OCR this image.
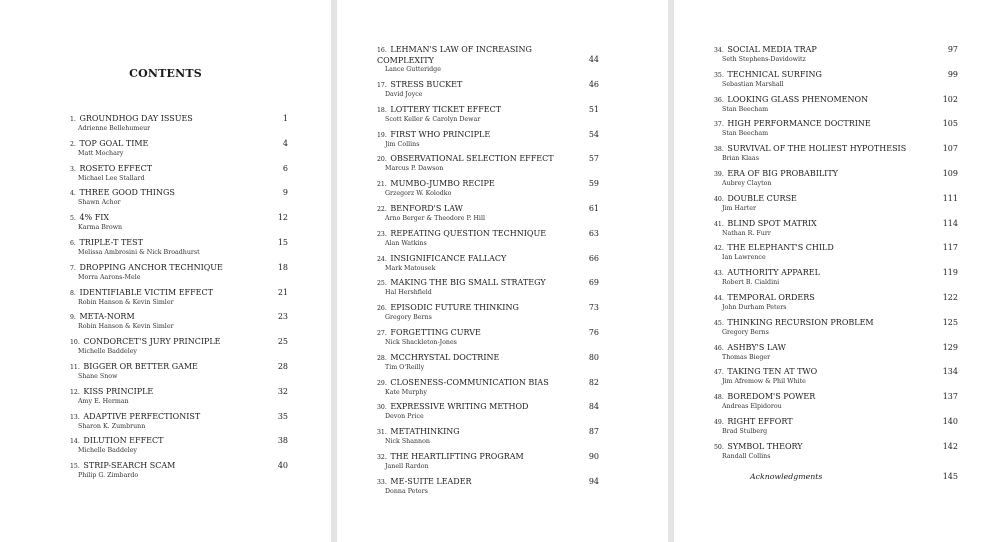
CONTENTS
1. GROUNDHOG DAY ISSUES
Adrienne Bellehumeur
1
2. TOP GOAL TIME
Matt Mochary
4
3. ROSETO EFFECT
Michael Lee Stallard
6
4. THREE GOOD THINGS
Shawn Achor
9
5. 4% FIX
Karma Brown
12
6. TRIPLE-T TEST
Melissa Ambrosini & Nick Broadhurst
15
7. DROPPING ANCHOR TECHNIQUE
Morra Aarons-Mele
18
8. IDENTIFIABLE VICTIM EFFECT
Robin Hanson & Kevin Simler
21
9. META-NORM
Robin Hanson & Kevin Simler
23
10. CONDORCET'S JURY PRINCIPLE
Michelle Baddeley
25
11. BIGGER OR BETTER GAME
Shane Snow
28
12. KISS PRINCIPLE
Amy E. Herman
32
13. ADAPTIVE PERFECTIONIST
Sharon K. Zumbrunn
35
14. DILUTION EFFECT
Michelle Baddeley
38
15. STRIP-SEARCH SCAM
Philip G. Zimbardo
40
16. LEHMAN'S LAW OF INCREASING COMPLEXITY
Lance Gutteridge
44
17. STRESS BUCKET
David Joyce
46
18. LOTTERY TICKET EFFECT
Scott Keller & Carolyn Dewar
51
19. FIRST WHO PRINCIPLE
Jim Collins
54
20. OBSERVATIONAL SELECTION EFFECT
Marcus P. Dawson
57
21. MUMBO-JUMBO RECIPE
Grzegorz W. Kolodko
59
22. BENFORD'S LAW
Arno Berger & Theodore P. Hill
61
23. REPEATING QUESTION TECHNIQUE
Alan Watkins
63
24. INSIGNIFICANCE FALLACY
Mark Matousek
66
25. MAKING THE BIG SMALL STRATEGY
Hal Hershfield
69
26. EPISODIC FUTURE THINKING
Gregory Berns
73
27. FORGETTING CURVE
Nick Shackleton-Jones
76
28. MCCHRYSTAL DOCTRINE
Tim O'Reilly
80
29. CLOSENESS-COMMUNICATION BIAS
Kate Murphy
82
30. EXPRESSIVE WRITING METHOD
Devon Price
84
31. METATHINKING
Nick Shannon
87
32. THE HEARTLIFTING PROGRAM
Janell Rardon
90
33. ME-SUITE LEADER
Donna Peters
94
34. SOCIAL MEDIA TRAP
Seth Stephens-Davidowitz
97
35. TECHNICAL SURFING
Sebastian Marshall
99
36. LOOKING GLASS PHENOMENON
Stan Beecham
102
37. HIGH PERFORMANCE DOCTRINE
Stan Beecham
105
38. SURVIVAL OF THE HOLIEST HYPOTHESIS
Brian Klaas
107
39. ERA OF BIG PROBABILITY
Aubrey Clayton
109
40. DOUBLE CURSE
Jim Harter
111
41. BLIND SPOT MATRIX
Nathan R. Furr
114
42. THE ELEPHANT'S CHILD
Ian Lawrence
117
43. AUTHORITY APPAREL
Robert B. Cialdini
119
44. TEMPORAL ORDERS
John Durham Peters
122
45. THINKING RECURSION PROBLEM
Gregory Berns
125
46. ASHBY'S LAW
Thomas Bieger
129
47. TAKING TEN AT TWO
Jim Afremow & Phil White
134
48. BOREDOM'S POWER
Andreas Elpidorou
137
49. RIGHT EFFORT
Brad Stulberg
140
50. SYMBOL THEORY
Randall Collins
142
Acknowledgments	145
